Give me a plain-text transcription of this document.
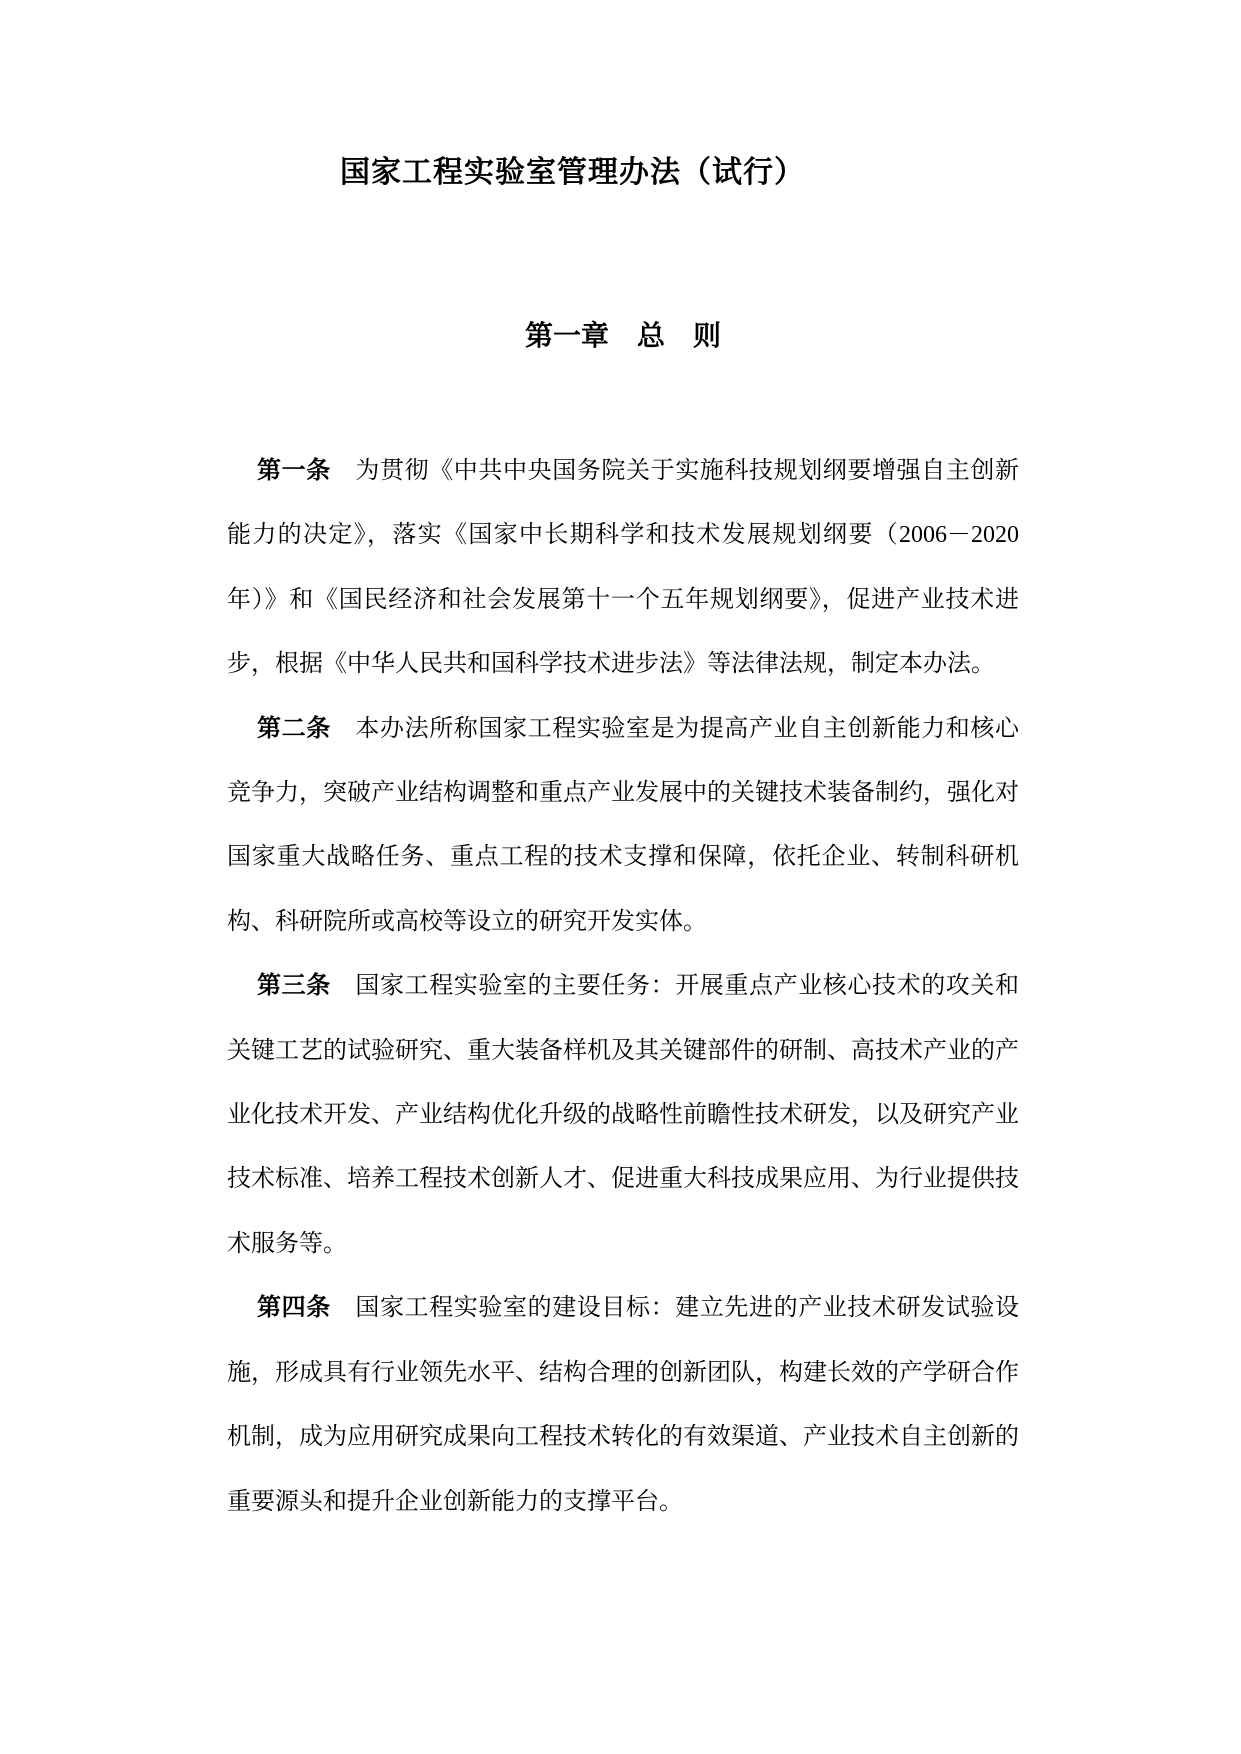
国家工程实验室管理办法（试行）
第一章　总　则

第一条　为贯彻《中共中央国务院关于实施科技规划纲要增强自主创新能力的决定》，落实《国家中长期科学和技术发展规划纲要（2006－2020年）》和《国民经济和社会发展第十一个五年规划纲要》，促进产业技术进步，根据《中华人民共和国科学技术进步法》等法律法规，制定本办法。

第二条　本办法所称国家工程实验室是为提高产业自主创新能力和核心竞争力，突破产业结构调整和重点产业发展中的关键技术装备制约，强化对国家重大战略任务、重点工程的技术支撑和保障，依托企业、转制科研机构、科研院所或高校等设立的研究开发实体。

第三条　国家工程实验室的主要任务：开展重点产业核心技术的攻关和关键工艺的试验研究、重大装备样机及其关键部件的研制、高技术产业的产业化技术开发、产业结构优化升级的战略性前瞻性技术研发，以及研究产业技术标准、培养工程技术创新人才、促进重大科技成果应用、为行业提供技术服务等。

第四条　国家工程实验室的建设目标：建立先进的产业技术研发试验设施，形成具有行业领先水平、结构合理的创新团队，构建长效的产学研合作机制，成为应用研究成果向工程技术转化的有效渠道、产业技术自主创新的重要源头和提升企业创新能力的支撑平台。
